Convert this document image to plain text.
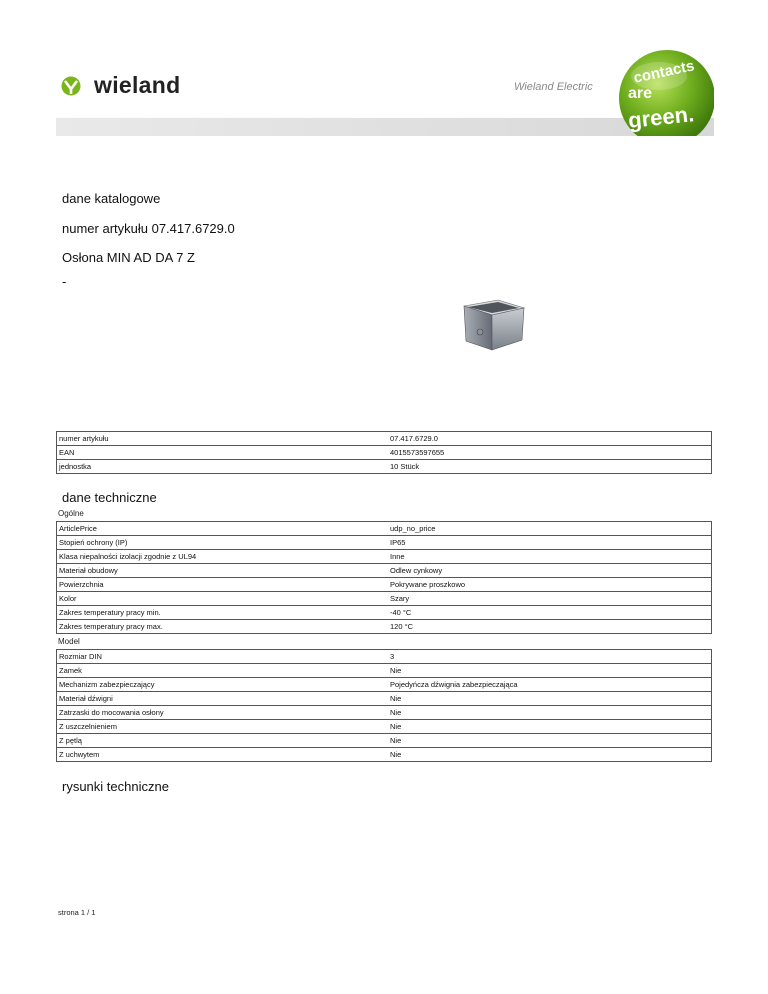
wieland	Wieland Electric
contacts
are
green.
dane katalogowe
numer artykułu 07.417.6729.0
Osłona MIN AD DA 7 Z
-
numer artykułu	07.417.6729.0
EAN	4015573597655
jednostka	10 Stück
dane techniczne
Ogólne
ArticlePrice	udp_no_price
Stopień ochrony (IP)	IP65
Klasa niepalności izolacji zgodnie z UL94	Inne
Materiał obudowy	Odlew cynkowy
Powierzchnia	Pokrywane proszkowo
Kolor	Szary
Zakres temperatury pracy min.	-40 °C
Zakres temperatury pracy max.	120 °C
Model
Rozmiar DIN	3
Zamek	Nie
Mechanizm zabezpieczający	Pojedyńcza dźwignia zabezpieczająca
Materiał dźwigni	Nie
Zatrzaski do mocowania osłony	Nie
Z uszczelnieniem	Nie
Z pętlą	Nie
Z uchwytem	Nie
rysunki techniczne
strona 1 / 1
